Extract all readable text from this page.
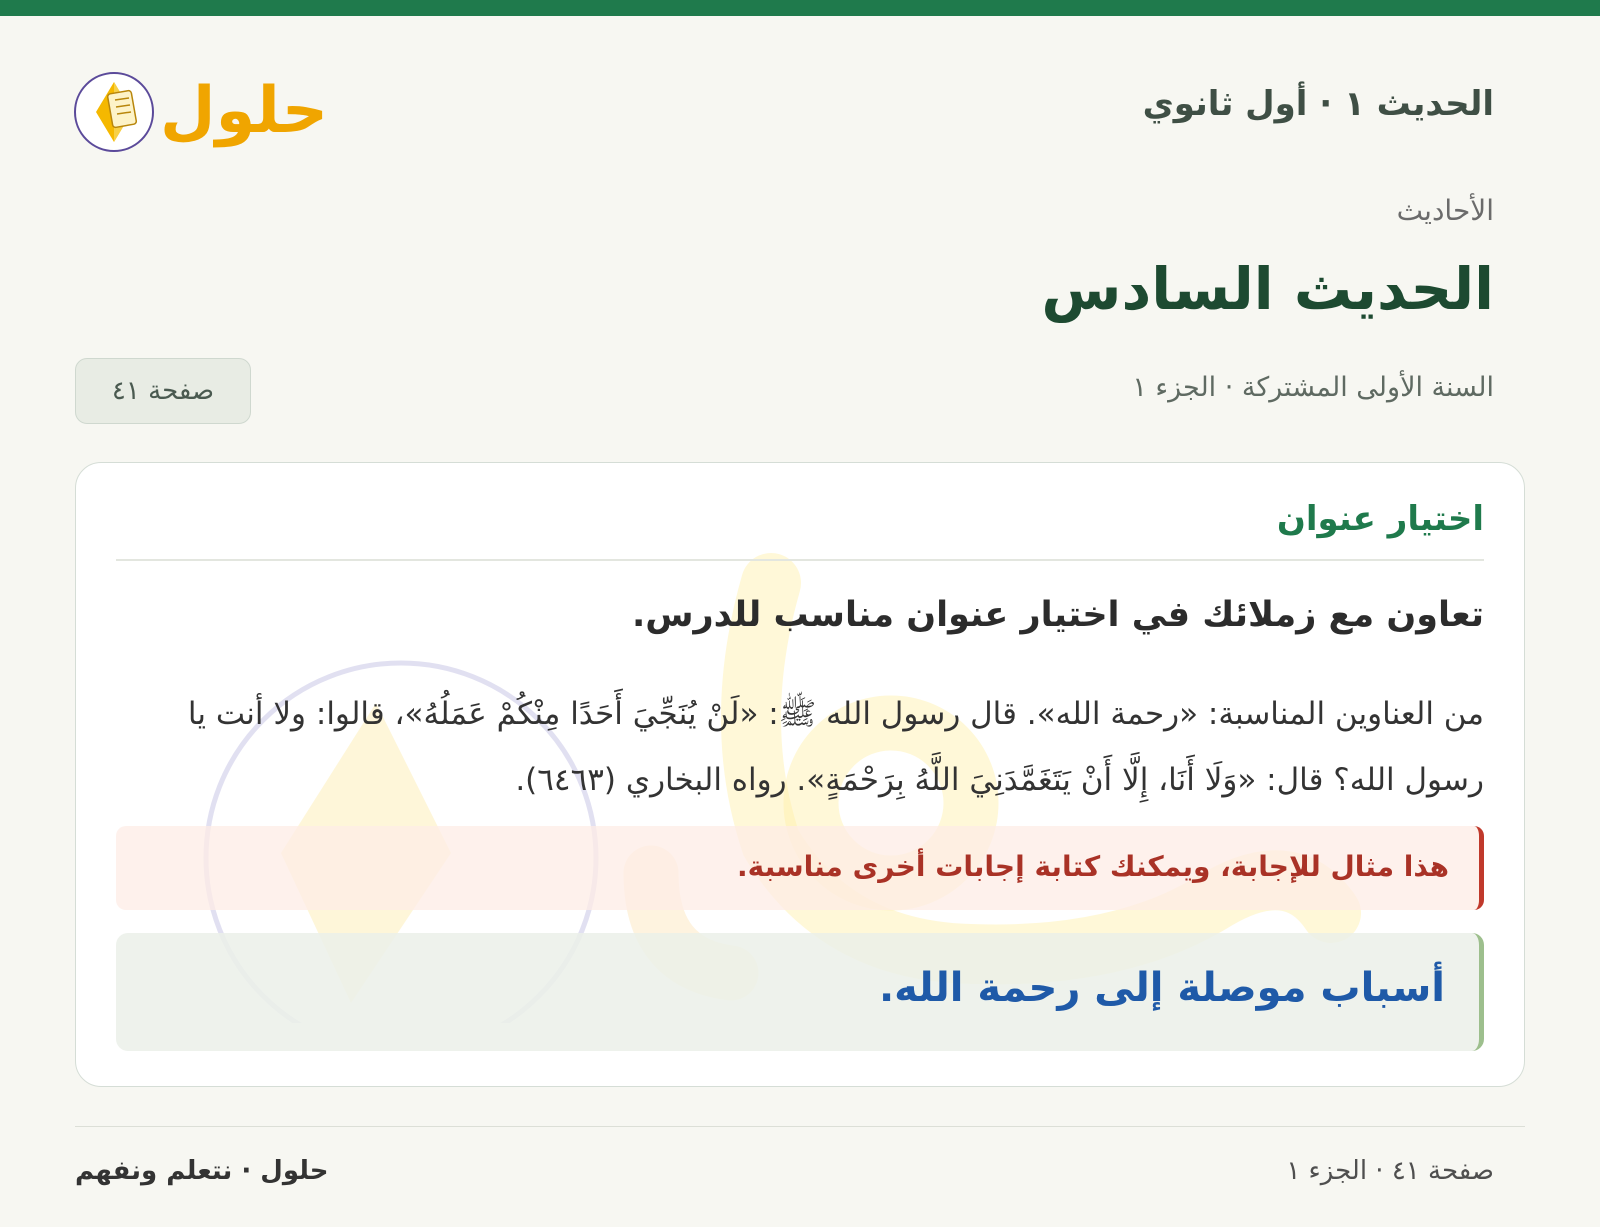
الحديث ١ · أول ثانوي
حلول
الأحاديث
الحديث السادس
السنة الأولى المشتركة · الجزء ١
صفحة ٤١
اختيار عنوان
تعاون مع زملائك في اختيار عنوان مناسب للدرس.

من العناوين المناسبة: «رحمة الله». قال رسول الله ﷺ: «لَنْ يُنَجِّيَ أَحَدًا مِنْكُمْ عَمَلُهُ»، قالوا: ولا أنت يا رسول الله؟ قال: «وَلَا أَنَا، إِلَّا أَنْ يَتَغَمَّدَنِيَ اللَّهُ بِرَحْمَةٍ». رواه البخاري (٦٤٦٣).

هذا مثال للإجابة، ويمكنك كتابة إجابات أخرى مناسبة.
أسباب موصلة إلى رحمة الله.
صفحة ٤١ · الجزء ١
حلول · نتعلم ونفهم
